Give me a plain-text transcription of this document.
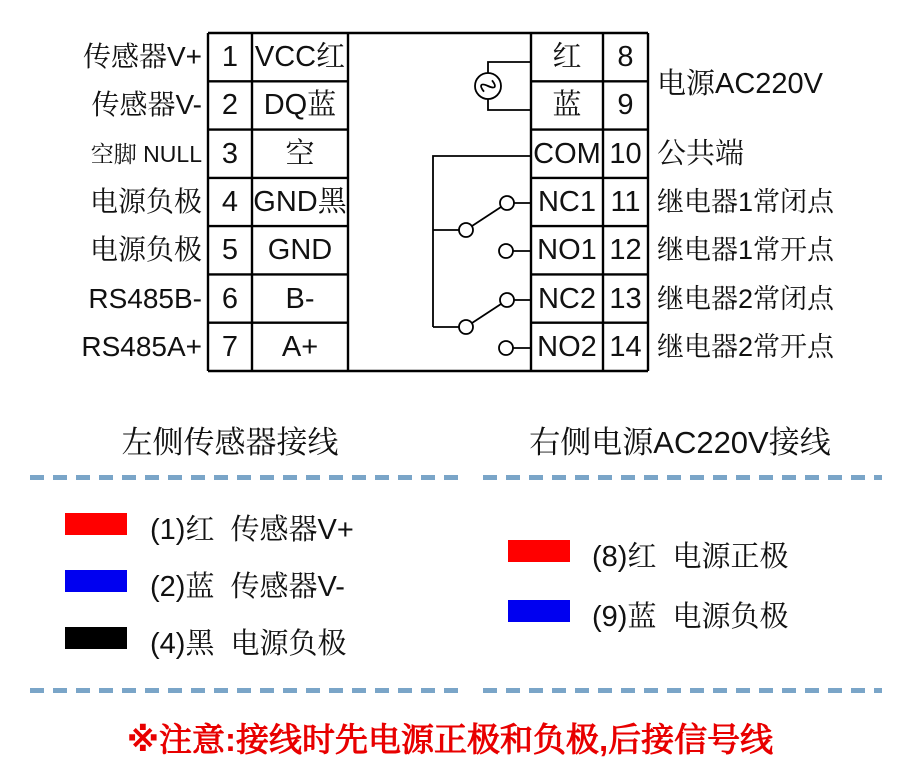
传感器V+
传感器V-
空脚 NULL
电源负极
电源负极
RS485B-
RS485A+
1
2
3
4
5
6
7
VCC红
DQ蓝
空
GND黑
GND
B-
A+
红
蓝
COM
NC1
NO1
NC2
NO2
8
9
10
11
12
13
14
电源AC220V
公共端
继电器1常闭点
继电器1常开点
继电器2常闭点
继电器2常开点
左侧传感器接线	右侧电源AC220V接线
(1)红  传感器V+
(2)蓝  传感器V-
(4)黑  电源负极
(8)红  电源正极
(9)蓝  电源负极
※注意:接线时先电源正极和负极,后接信号线
